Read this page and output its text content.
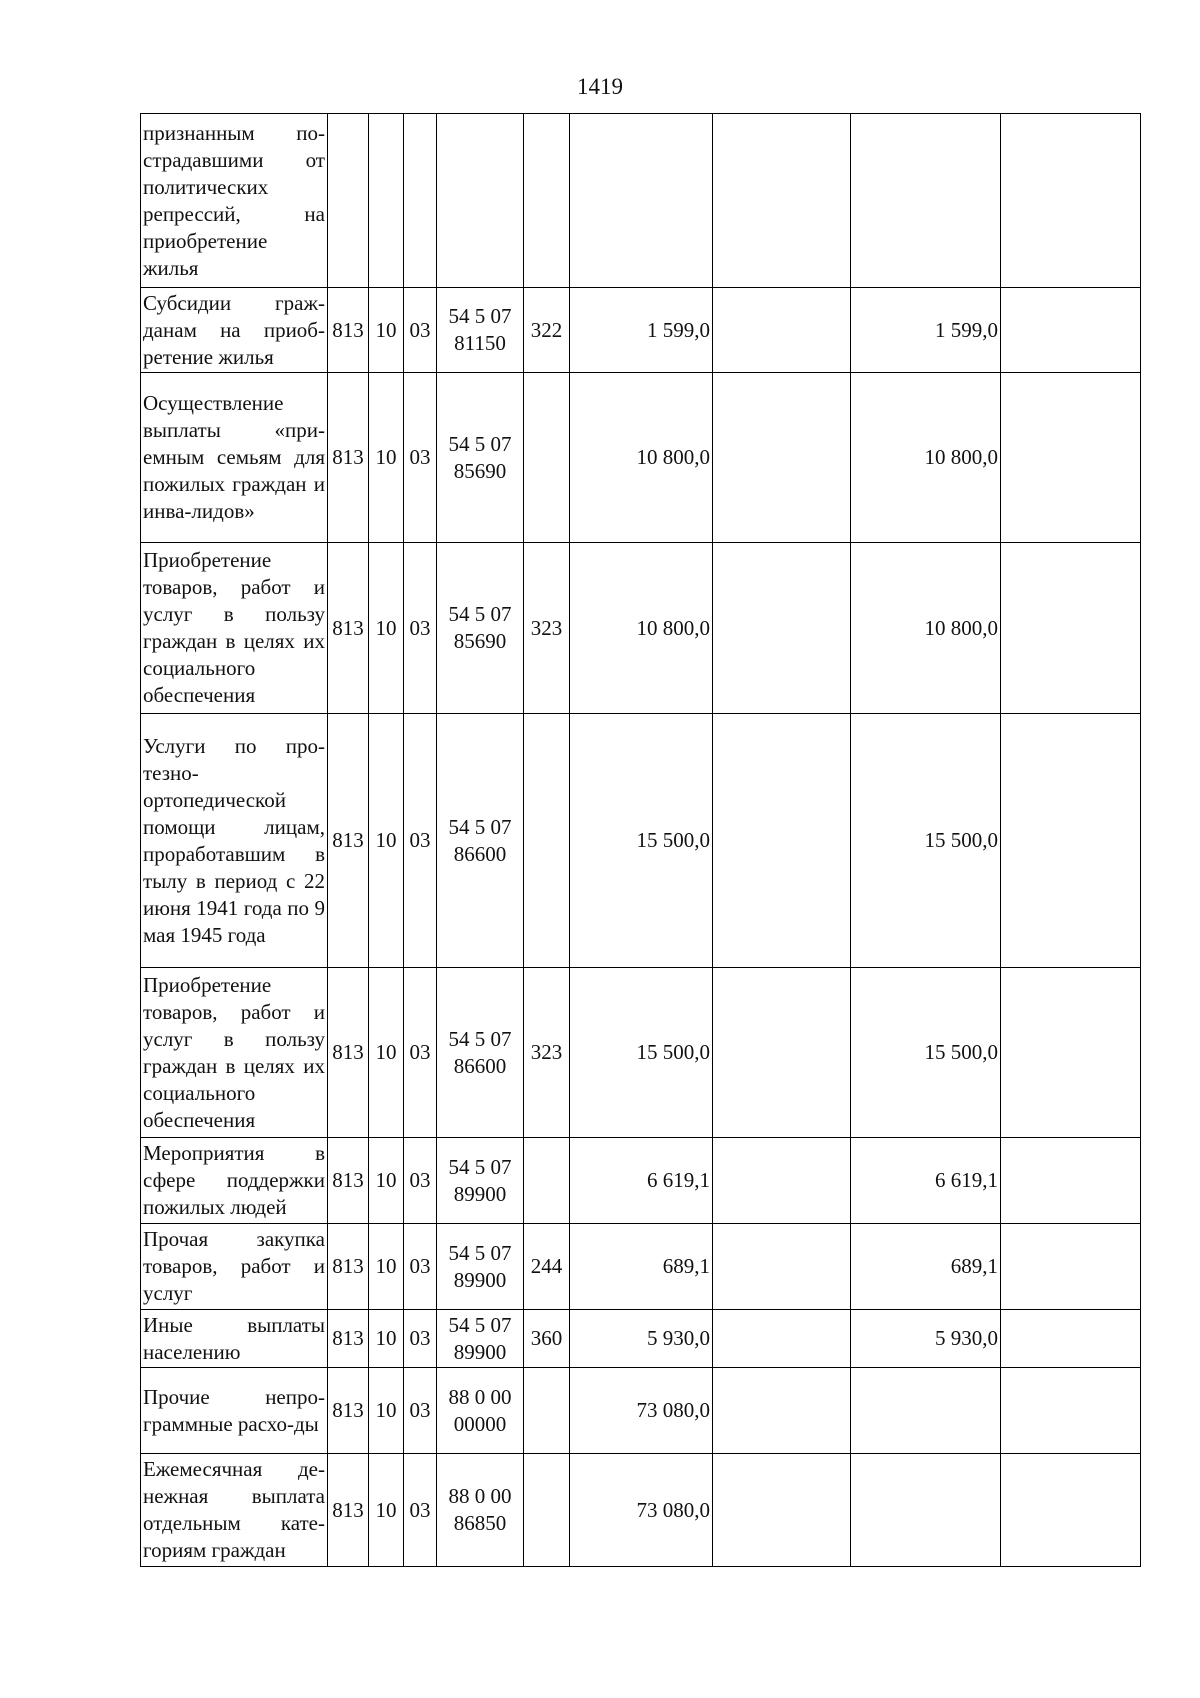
1419
признанным по-страдавшими от политических репрессий, на приобретение жилья									
Субсидии граж-данам на приоб-ретение жилья	813	10	03	54 5 07 81150	322	1 599,0		1 599,0	
Осуществление выплаты «при-емным семьям для пожилых граждан и инва-лидов»	813	10	03	54 5 07 85690		10 800,0		10 800,0	
Приобретение товаров, работ и услуг в пользу граждан в целях их социального обеспечения	813	10	03	54 5 07 85690	323	10 800,0		10 800,0	
Услуги по про-тезно-ортопедической помощи лицам, проработавшим в тылу в период с 22 июня 1941 года по 9 мая 1945 года	813	10	03	54 5 07 86600		15 500,0		15 500,0	
Приобретение товаров, работ и услуг в пользу граждан в целях их социального обеспечения	813	10	03	54 5 07 86600	323	15 500,0		15 500,0	
Мероприятия в сфере поддержки пожилых людей	813	10	03	54 5 07 89900		6 619,1		6 619,1	
Прочая закупка товаров, работ и услуг	813	10	03	54 5 07 89900	244	689,1		689,1	
Иные выплаты населению	813	10	03	54 5 07 89900	360	5 930,0		5 930,0	
Прочие непро-граммные расхо-ды	813	10	03	88 0 00 00000		73 080,0			
Ежемесячная де-нежная выплата отдельным кате-гориям граждан	813	10	03	88 0 00 86850		73 080,0			
